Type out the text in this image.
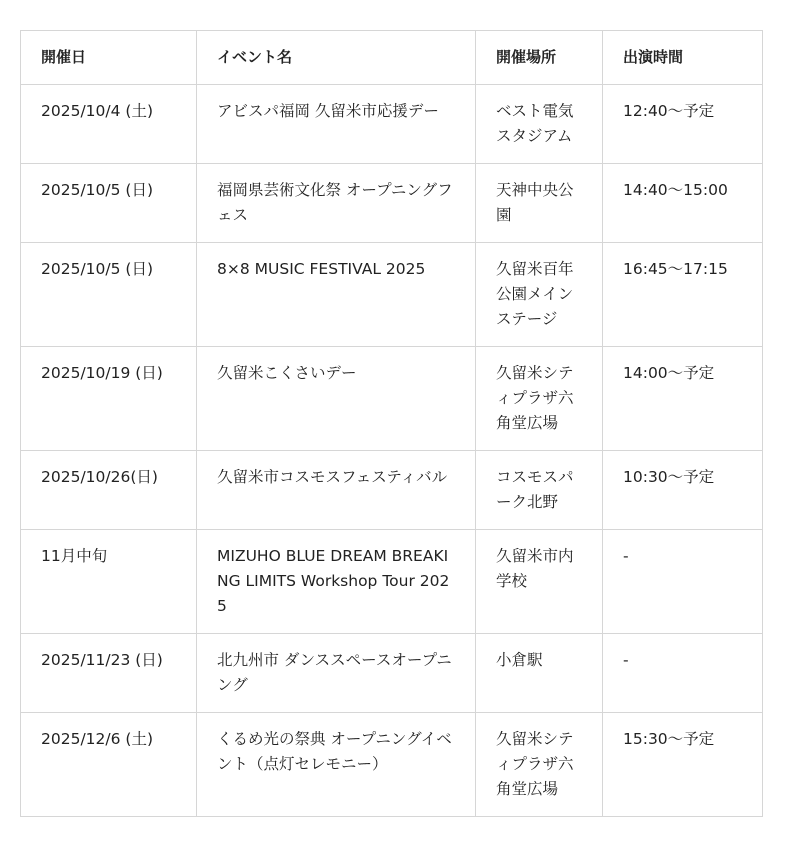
開催日	イベント名	開催場所	出演時間
2025/10/4 (土)	アビスパ福岡 久留米市応援デー	ベスト電気スタジアム	12:40～予定
2025/10/5 (日)	福岡県芸術文化祭 オープニングフェス	天神中央公園	14:40～15:00
2025/10/5 (日)	8×8 MUSIC FESTIVAL 2025	久留米百年公園メインステージ	16:45～17:15
2025/10/19 (日)	久留米こくさいデー	久留米シティプラザ六角堂広場	14:00～予定
2025/10/26(日)	久留米市コスモスフェスティバル	コスモスパーク北野	10:30～予定
11月中旬	MIZUHO BLUE DREAM BREAKING LIMITS Workshop Tour 2025	久留米市内　学校	-
2025/11/23 (日)	北九州市 ダンススペースオープニング	小倉駅	-
2025/12/6 (土)	くるめ光の祭典 オープニングイベント（点灯セレモニー）	久留米シティプラザ六角堂広場	15:30～予定
